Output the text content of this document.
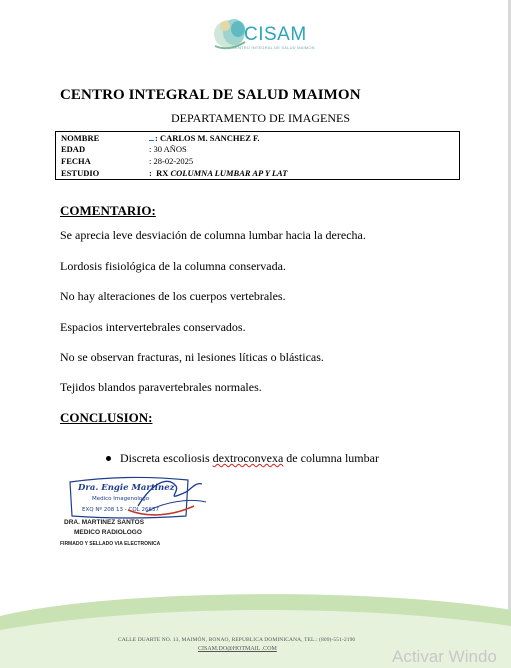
CISAM
CENTRO INTEGRAL DE SALUD MAIMON
CENTRO INTEGRAL DE SALUD MAIMON
DEPARTAMENTO DE IMAGENES
NOMBRE	: CARLOS M. SANCHEZ F.
EDAD	: 30 AÑOS
FECHA	: 28-02-2025
ESTUDIO	:  RX COLUMNA LUMBAR AP Y LAT
COMENTARIO:
Se aprecia leve desviación de columna lumbar hacia la derecha.
Lordosis fisiológica de la columna conservada.
No hay alteraciones de los cuerpos vertebrales.
Espacios intervertebrales conservados.
No se observan fracturas, ni lesiones líticas o blásticas.
Tejidos blandos paravertebrales normales.
CONCLUSION:
Discreta escoliosis dextroconvexa de columna lumbar
Dra. Engie Martinez
Medico Imagenologo
EXQ Nº 208 13 - COL 26657
DRA. MARTINEZ SANTOS
MEDICO RADIOLOGO
FIRMADO Y SELLADO VIA ELECTRONICA
CALLE DUARTE NO. 13, MAIMÓN, BONAO, REPUBLICA DOMINICANA, TEL.: (809)-551-2196
CISAM.DO@HOTMAIL .COM	Activar Windo
